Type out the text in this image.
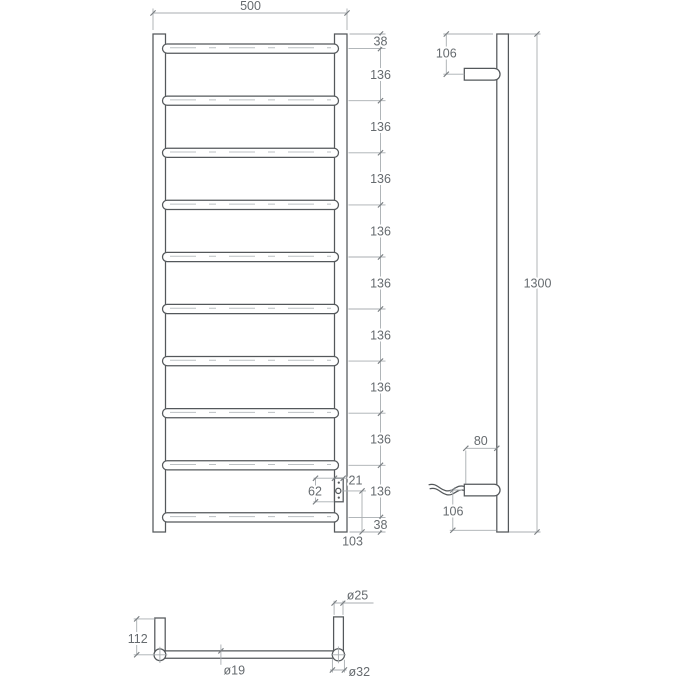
500
38
136
136
136
136
136
136
136
136
136
38
21
62
103
106
1300
80
106
112
ø25
ø19	ø32
